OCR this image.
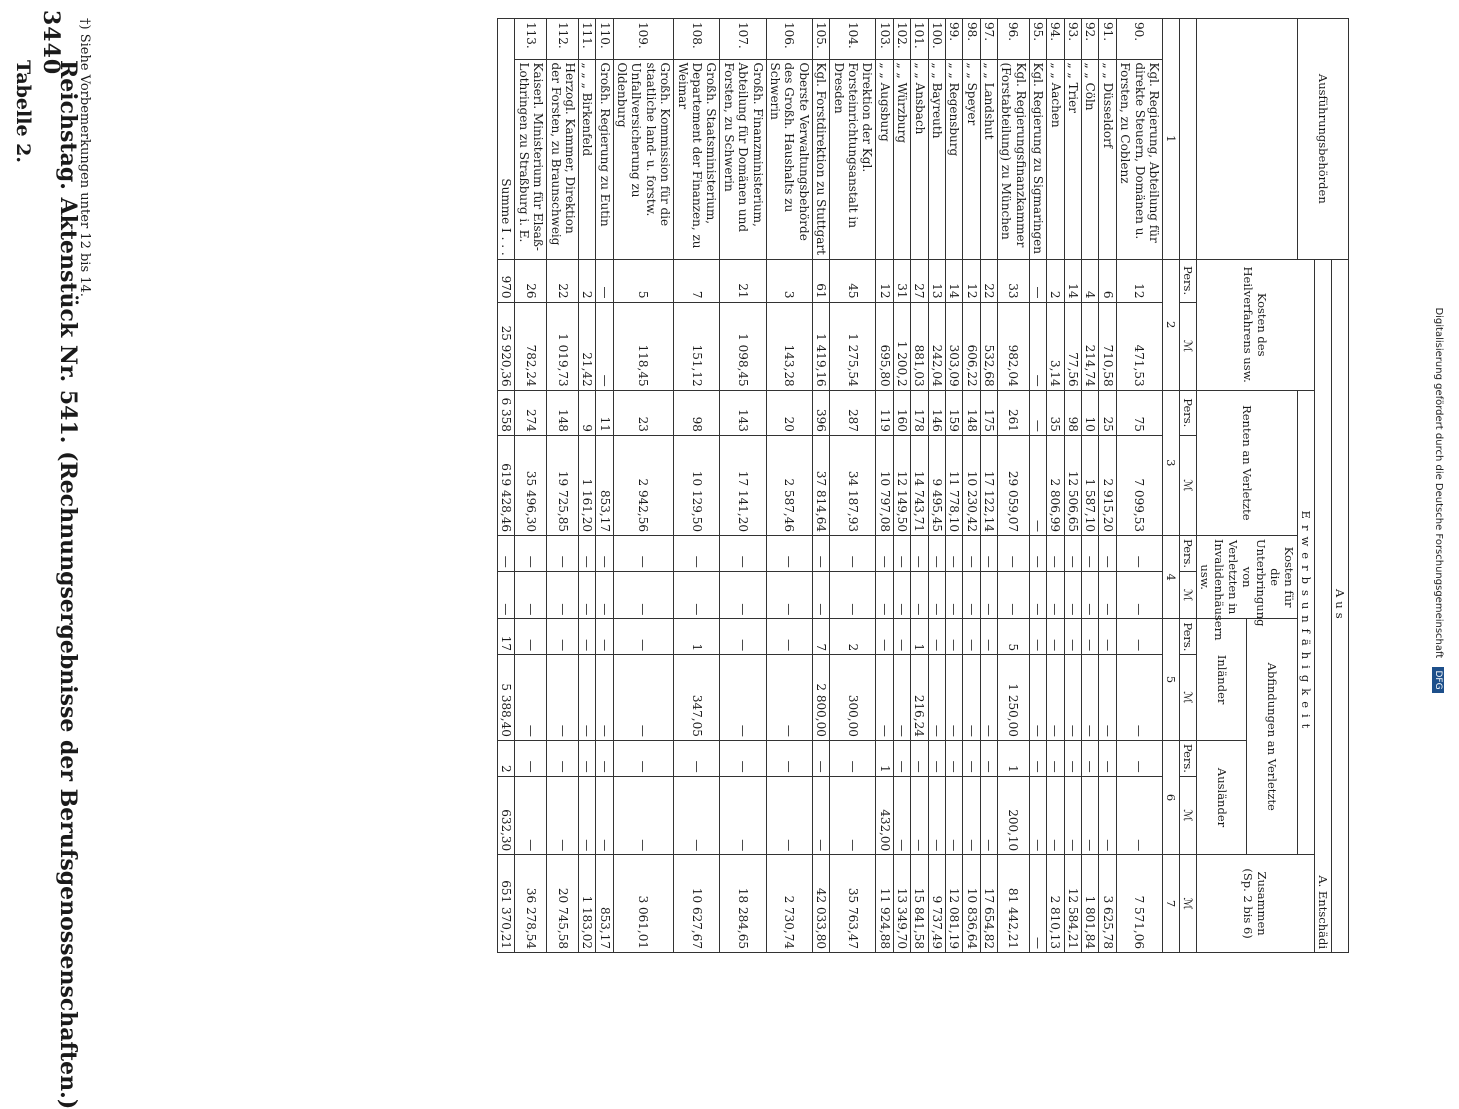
3440
Reichstag. Aktenstück Nr. 541. (Rechnungsergebnisse der Berufsgenossenschaften.)
Tabelle 2.	Ausführungsbehörden		Aus										
		A. Entschädi										
		Kosten des Heilverfahrens usw.		Erwerbsunfähigkeit								Zusammen (Sp. 2 bis 6)
				Renten an Verletzte		Kosten für die Unterbringung von Verletzten in Invalidenhäusern usw.		Abfindungen an Verletzte				
								Inländer		Ausländer		
		Pers.	ℳ	Pers.	ℳ	Pers.	ℳ	Pers.	ℳ	Pers.	ℳ	ℳ
1		2		3		4		5		6		7
90.	Kgl. Regierung, Abteilung für direkte Steuern, Domänen u. Forsten, zu Coblenz	12	471,53	75	7 099,53	—	—	—	—	—	—	7 571,06
91.	„ „ Düsseldorf	6	710,58	25	2 915,20	—	—	—	—	—	—	3 625,78
92.	„ „ Cöln	4	214,74	10	1 587,10	—	—	—	—	—	—	1 801,84
93.	„ „ Trier	14	77,56	98	12 506,65	—	—	—	—	—	—	12 584,21
94.	„ „ Aachen	2	3,14	35	2 806,99	—	—	—	—	—	—	2 810,13
95.	Kgl. Regierung zu Sigmaringen	—	—	—	—	—	—	—	—	—	—	—
96.	Kgl. Regierungsfinanzkammer (Forstabteilung) zu München	33	982,04	261	29 059,07	—	—	5	1 250,00	1	200,10	81 442,21
97.	„ „ Landshut	22	532,68	175	17 122,14	—	—	—	—	—	—	17 654,82
98.	„ „ Speyer	12	606,22	148	10 230,42	—	—	—	—	—	—	10 836,64
99.	„ „ Regensburg	14	303,09	159	11 778,10	—	—	—	—	—	—	12 081,19
100.	„ „ Bayreuth	13	242,04	146	9 495,45	—	—	—	—	—	—	9 737,49
101.	„ „ Ansbach	27	881,03	178	14 743,71	—	—	1	216,24	—	—	15 841,58
102.	„ „ Würzburg	31	1 200,2	160	12 149,50	—	—	—	—	—	—	13 349,70
103.	„ „ Augsburg	12	695,80	119	10 797,08	—	—	—	—	1	432,00	11 924,88
104.	Direktion der Kgl. Forsteinrichtungsanstalt in Dresden	45	1 275,54	287	34 187,93	—	—	2	300,00	—	—	35 763,47
105.	Kgl. Forstdirektion zu Stuttgart	61	1 419,16	396	37 814,64	—	—	7	2 800,00	—	—	42 033,80
106.	Oberste Verwaltungsbehörde des Großh. Haushalts zu Schwerin	3	143,28	20	2 587,46	—	—	—	—	—	—	2 730,74
107.	Großh. Finanzministerium, Abteilung für Domänen und Forsten, zu Schwerin	21	1 098,45	143	17 141,20	—	—	—	—	—	—	18 284,65
108.	Großh. Staatsministerium, Departement der Finanzen, zu Weimar	7	151,12	98	10 129,50	—	—	1	347,05	—	—	10 627,67
109.	Großh. Kommission für die staatliche land- u. forstw. Unfallversicherung zu Oldenburg	5	118,45	23	2 942,56	—	—	—	—	—	—	3 061,01
110.	Großh. Regierung zu Eutin	—	—	11	853,17	—	—	—	—	—	—	853,17
111.	„ „ „ Birkenfeld	2	21,42	9	1 161,20	—	—	—	—	—	—	1 183,02
112.	Herzogl. Kammer, Direktion der Forsten, zu Braunschweig	22	1 019,73	148	19 725,85	—	—	—	—	—	—	20 745,58
113.	Kaiserl. Ministerium für Elsaß-Lothringen zu Straßburg i. E.	26	782,24	274	35 496,30	—	—	—	—	—	—	36 278,54
Summe I . . .		970	25 920,36	6 358	619 428,46	—	—	17	5 388,40	2	632,30	651 370,21
†) Siehe Vorbemerkungen unter 12 bis 14.
Digitalisierung gefördert durch die Deutsche Forschungsgemeinschaft DFG
